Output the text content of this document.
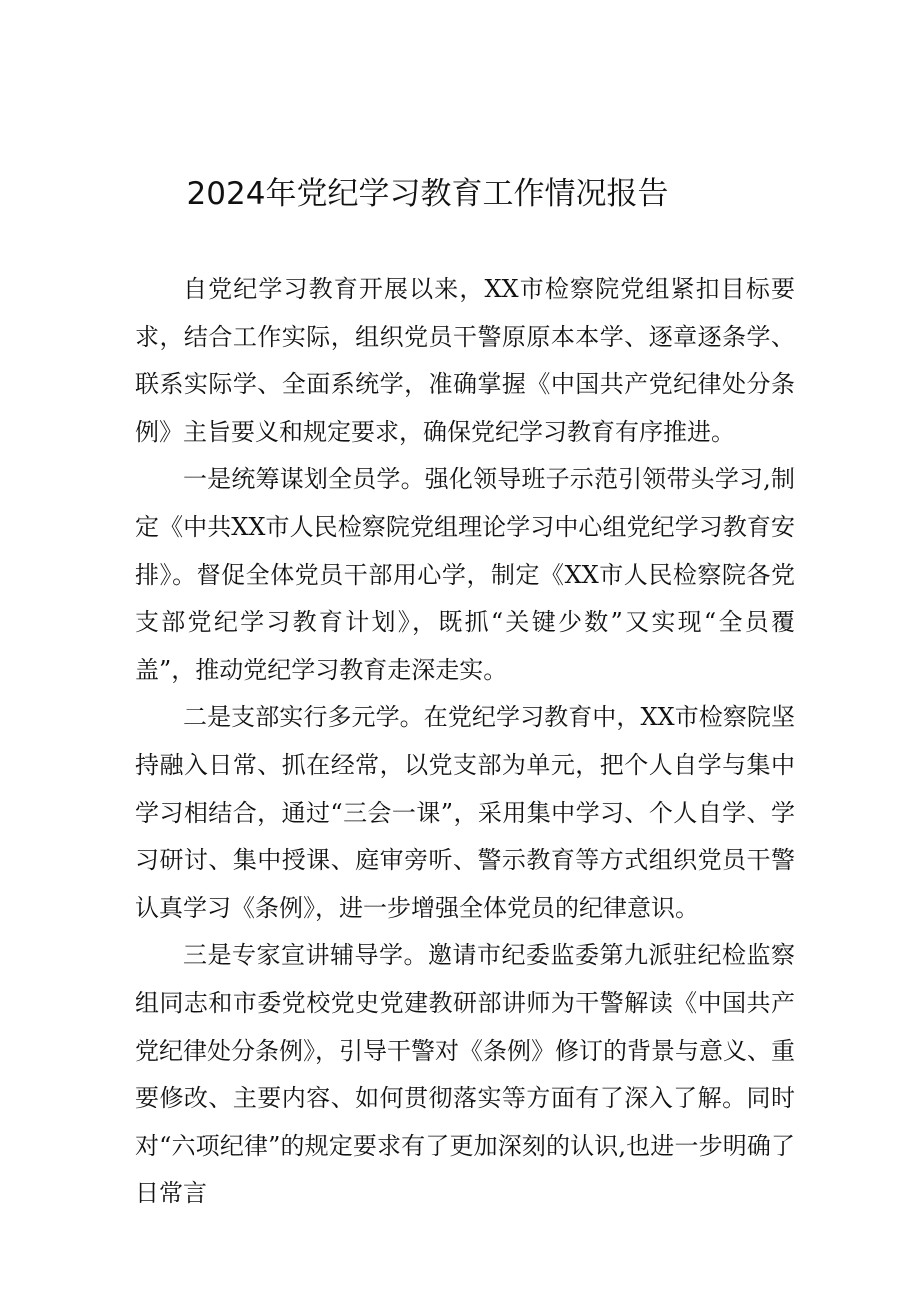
2024年党纪学习教育工作情况报告

自党纪学习教育开展以来，XX市检察院党组紧扣目标要求，结合工作实际，组织党员干警原原本本学、逐章逐条学、联系实际学、全面系统学，准确掌握《中国共产党纪律处分条例》主旨要义和规定要求，确保党纪学习教育有序推进。

一是统筹谋划全员学。强化领导班子示范引领带头学习,制定《中共XX市人民检察院党组理论学习中心组党纪学习教育安排》。督促全体党员干部用心学，制定《XX市人民检察院各党支部党纪学习教育计划》，既抓“关键少数”又实现“全员覆盖”，推动党纪学习教育走深走实。

二是支部实行多元学。在党纪学习教育中，XX市检察院坚持融入日常、抓在经常，以党支部为单元，把个人自学与集中学习相结合，通过“三会一课”，采用集中学习、个人自学、学习研讨、集中授课、庭审旁听、警示教育等方式组织党员干警认真学习《条例》，进一步增强全体党员的纪律意识。

三是专家宣讲辅导学。邀请市纪委监委第九派驻纪检监察组同志和市委党校党史党建教研部讲师为干警解读《中国共产党纪律处分条例》，引导干警对《条例》修订的背景与意义、重要修改、主要内容、如何贯彻落实等方面有了深入了解。同时对“六项纪律”的规定要求有了更加深刻的认识,也进一步明确了日常言
